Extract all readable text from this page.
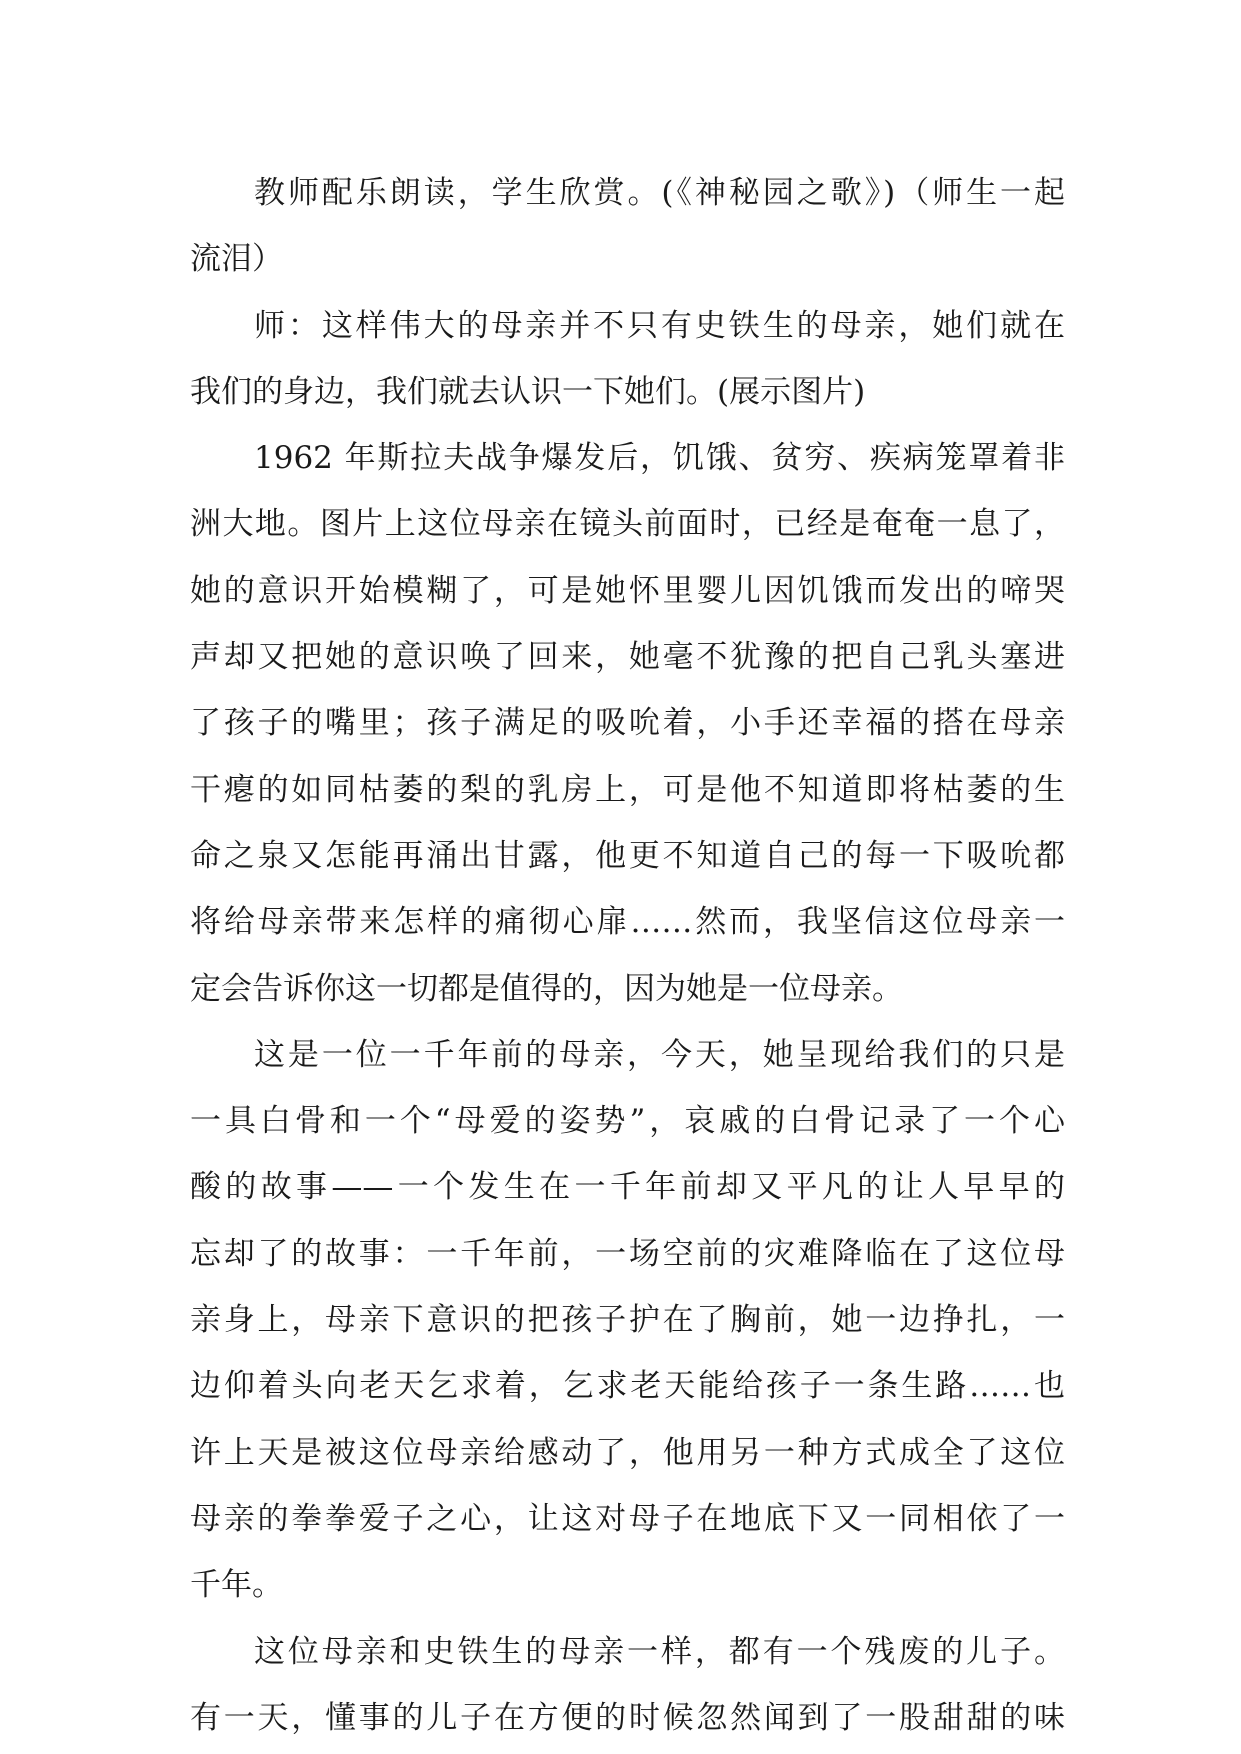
教师配乐朗读，学生欣赏。(《神秘园之歌》)（师生一起
流泪）
师：这样伟大的母亲并不只有史铁生的母亲，她们就在
我们的身边，我们就去认识一下她们。(展示图片)
1962 年斯拉夫战争爆发后，饥饿、贫穷、疾病笼罩着非
洲大地。图片上这位母亲在镜头前面时，已经是奄奄一息了，
她的意识开始模糊了，可是她怀里婴儿因饥饿而发出的啼哭
声却又把她的意识唤了回来，她毫不犹豫的把自己乳头塞进
了孩子的嘴里；孩子满足的吸吮着，小手还幸福的搭在母亲
干瘪的如同枯萎的梨的乳房上，可是他不知道即将枯萎的生
命之泉又怎能再涌出甘露，他更不知道自己的每一下吸吮都
将给母亲带来怎样的痛彻心扉……然而，我坚信这位母亲一
定会告诉你这一切都是值得的，因为她是一位母亲。
这是一位一千年前的母亲，今天，她呈现给我们的只是
一具白骨和一个“母爱的姿势”，哀戚的白骨记录了一个心
酸的故事——一个发生在一千年前却又平凡的让人早早的
忘却了的故事：一千年前，一场空前的灾难降临在了这位母
亲身上，母亲下意识的把孩子护在了胸前，她一边挣扎，一
边仰着头向老天乞求着，乞求老天能给孩子一条生路……也
许上天是被这位母亲给感动了，他用另一种方式成全了这位
母亲的拳拳爱子之心，让这对母子在地底下又一同相依了一
千年。
这位母亲和史铁生的母亲一样，都有一个残废的儿子。
有一天，懂事的儿子在方便的时候忽然闻到了一股甜甜的味
